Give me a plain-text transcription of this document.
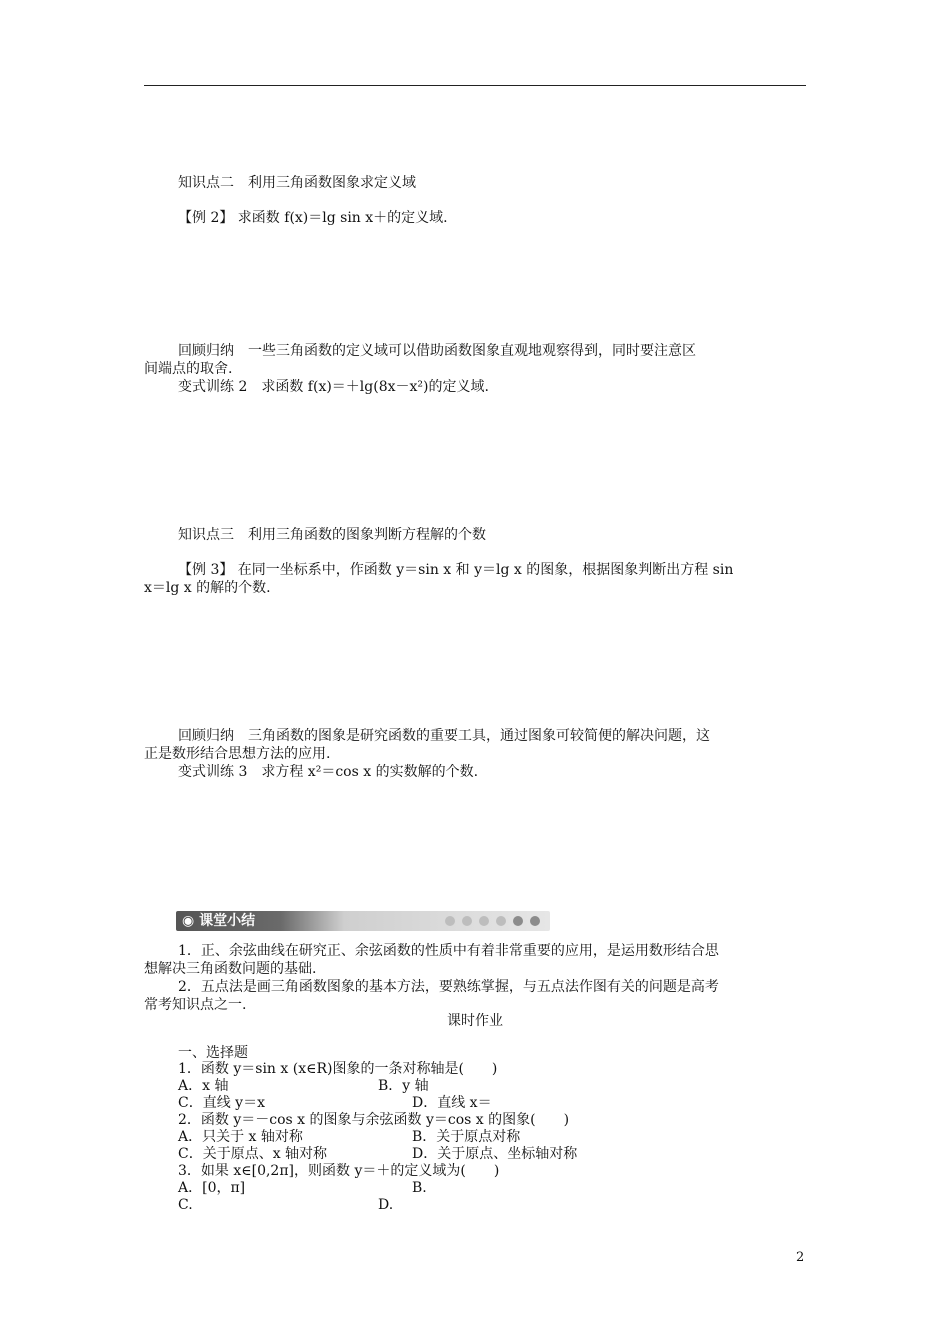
知识点二　利用三角函数图象求定义域
【例 2】 求函数 f(x)＝lg sin x＋的定义域.
回顾归纳　一些三角函数的定义域可以借助函数图象直观地观察得到，同时要注意区
间端点的取舍.
变式训练 2　求函数 f(x)＝＋lg(8x－x²)的定义域.
知识点三　利用三角函数的图象判断方程解的个数
【例 3】 在同一坐标系中，作函数 y＝sin x 和 y＝lg x 的图象，根据图象判断出方程 sin
x＝lg x 的解的个数.
回顾归纳　三角函数的图象是研究函数的重要工具，通过图象可较简便的解决问题，这
正是数形结合思想方法的应用.
变式训练 3　求方程 x²＝cos x 的实数解的个数.
◉ 课堂小结
1．正、余弦曲线在研究正、余弦函数的性质中有着非常重要的应用，是运用数形结合思
想解决三角函数问题的基础.
2．五点法是画三角函数图象的基本方法，要熟练掌握，与五点法作图有关的问题是高考
常考知识点之一.
课时作业
一、选择题
1．函数 y＝sin x (x∈R)图象的一条对称轴是(　　)
A．x 轴	B．y 轴
C．直线 y＝x	D．直线 x＝
2．函数 y＝－cos x 的图象与余弦函数 y＝cos x 的图象(　　)
A．只关于 x 轴对称	B．关于原点对称
C．关于原点、x 轴对称	D．关于原点、坐标轴对称
3．如果 x∈[0,2π]，则函数 y＝＋的定义域为(　　)
A．[0，π]	B.
C.	D.
2
